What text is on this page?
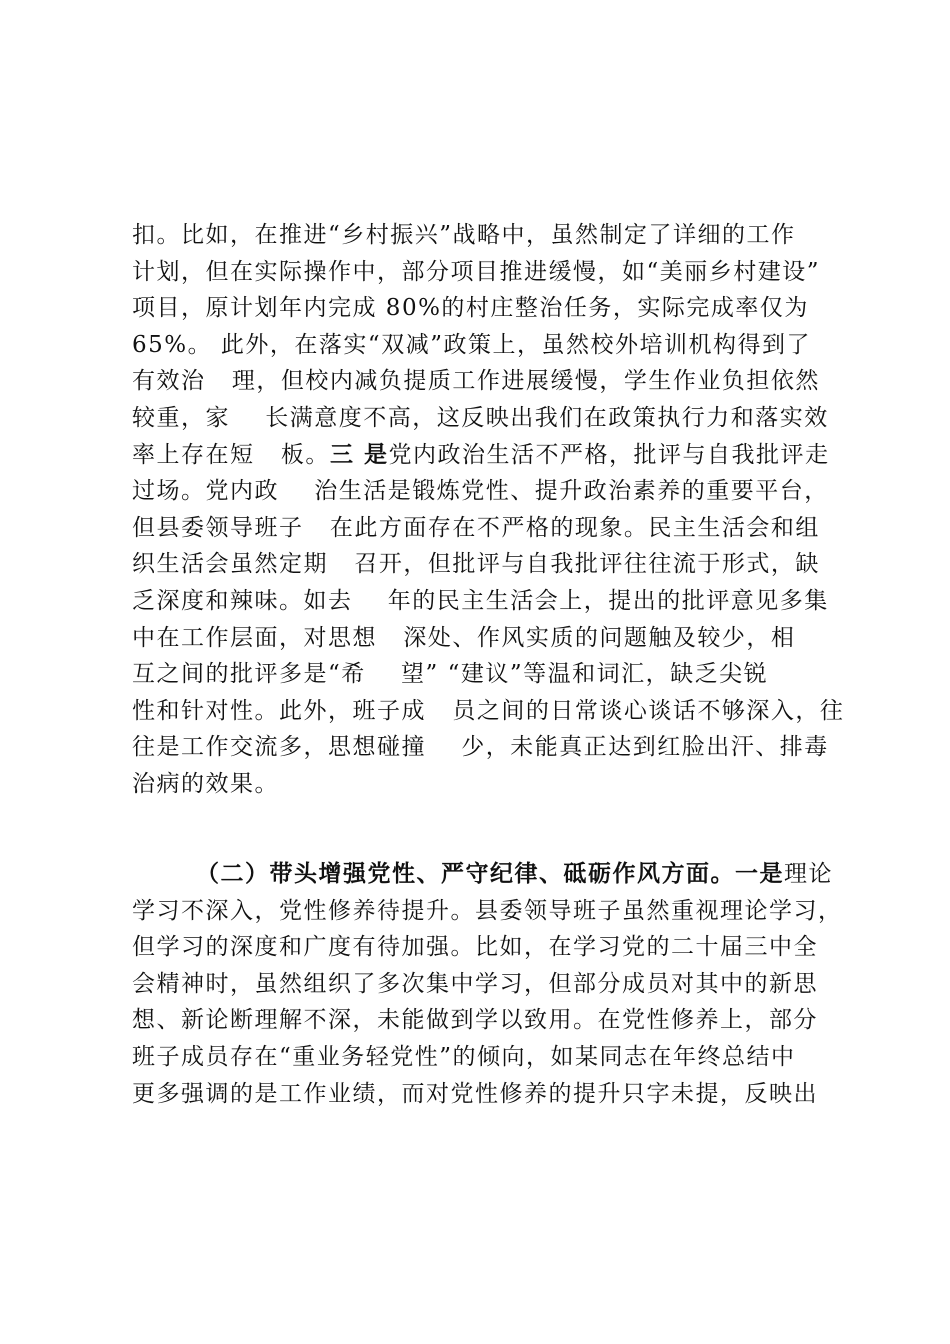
扣。比如，在推进“乡村振兴”战略中，虽然制定了详细的工作
计划，但在实际操作中，部分项目推进缓慢，如“美丽乡村建设”
项目，原计划年内完成 80%的村庄整治任务，实际完成率仅为
65%。 此外，在落实“双减”政策上，虽然校外培训机构得到了
有效治   理，但校内减负提质工作进展缓慢，学生作业负担依然
较重，家    长满意度不高，这反映出我们在政策执行力和落实效
率上存在短   板。三 是党内政治生活不严格，批评与自我批评走
过场。党内政    治生活是锻炼党性、提升政治素养的重要平台，
但县委领导班子   在此方面存在不严格的现象。民主生活会和组
织生活会虽然定期   召开，但批评与自我批评往往流于形式，缺
乏深度和辣味。如去    年的民主生活会上，提出的批评意见多集
中在工作层面，对思想   深处、作风实质的问题触及较少，相
互之间的批评多是“希    望” “建议”等温和词汇，缺乏尖锐
性和针对性。此外，班子成   员之间的日常谈心谈话不够深入，往
往是工作交流多，思想碰撞    少，未能真正达到红脸出汗、排毒
治病的效果。
（二）带头增强党性、严守纪律、砥砺作风方面。一是理论
学习不深入，党性修养待提升。县委领导班子虽然重视理论学习，
但学习的深度和广度有待加强。比如，在学习党的二十届三中全
会精神时，虽然组织了多次集中学习，但部分成员对其中的新思
想、新论断理解不深，未能做到学以致用。在党性修养上，部分
班子成员存在“重业务轻党性”的倾向，如某同志在年终总结中
更多强调的是工作业绩，而对党性修养的提升只字未提，反映出
